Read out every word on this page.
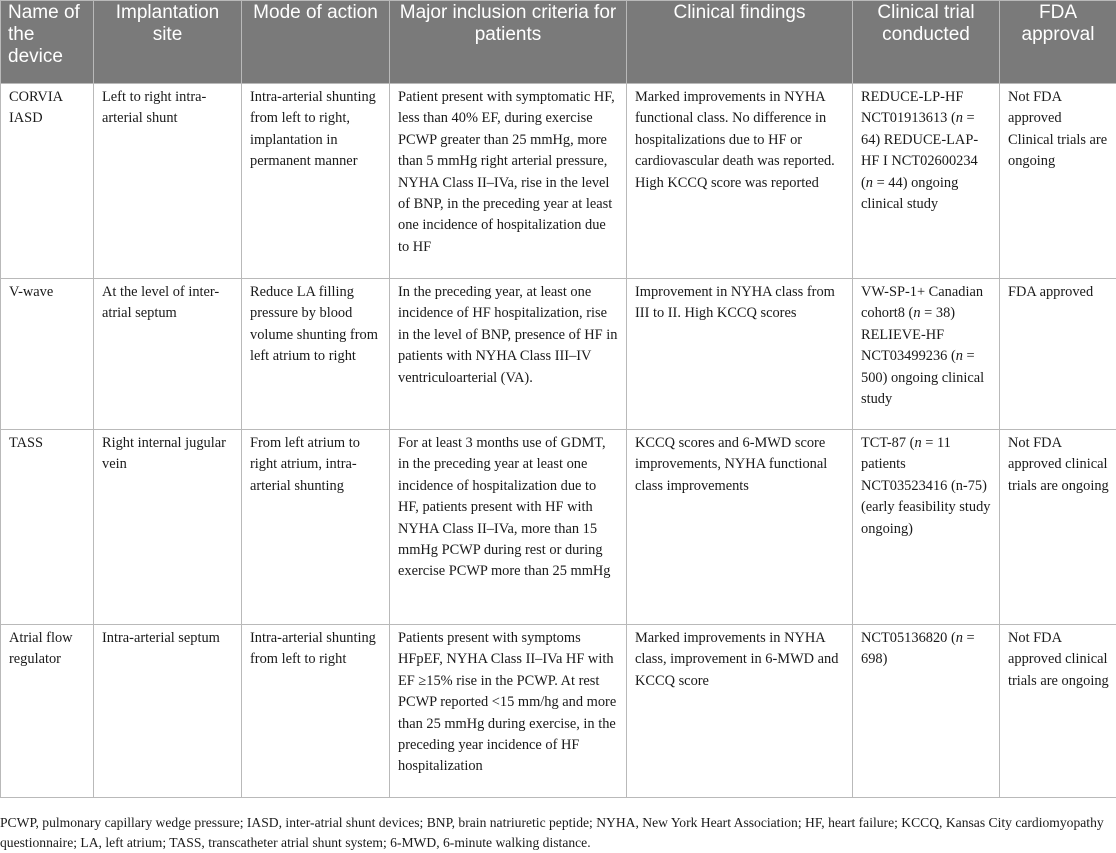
Name of the device	Implantation site	Mode of action	Major inclusion criteria for patients	Clinical findings	Clinical trial conducted	FDA approval
CORVIA IASD	Left to right intra-arterial shunt	Intra-arterial shunting from left to right, implantation in permanent manner	Patient present with symptomatic HF, less than 40% EF, during exercise PCWP greater than 25 mmHg, more than 5 mmHg right arterial pressure, NYHA Class II–IVa, rise in the level of BNP, in the preceding year at least one incidence of hospitalization due to HF	Marked improvements in NYHA functional class. No difference in hospitalizations due to HF or cardiovascular death was reported. High KCCQ score was reported	REDUCE-LP-HF NCT01913613 (n = 64) REDUCE-LAP-HF I NCT02600234 (n = 44) ongoing clinical study	Not FDA approved Clinical trials are ongoing
V-wave	At the level of inter-atrial septum	Reduce LA filling pressure by blood volume shunting from left atrium to right	In the preceding year, at least one incidence of HF hospitalization, rise in the level of BNP, presence of HF in patients with NYHA Class III–IV ventriculoarterial (VA).	Improvement in NYHA class from III to II. High KCCQ scores	VW-SP-1+ Canadian cohort8 (n = 38) RELIEVE-HF NCT03499236 (n = 500) ongoing clinical study	FDA approved
TASS	Right internal jugular vein	From left atrium to right atrium, intra-arterial shunting	For at least 3 months use of GDMT, in the preceding year at least one incidence of hospitalization due to HF, patients present with HF with NYHA Class II–IVa, more than 15 mmHg PCWP during rest or during exercise PCWP more than 25 mmHg	KCCQ scores and 6-MWD score improvements, NYHA functional class improvements	TCT-87 (n = 11 patients NCT03523416 (n-75) (early feasibility study ongoing)	Not FDA approved clinical trials are ongoing
Atrial flow regulator	Intra-arterial septum	Intra-arterial shunting from left to right	Patients present with symptoms HFpEF, NYHA Class II–IVa HF with EF ≥15% rise in the PCWP. At rest PCWP reported <15 mm/hg and more than 25 mmHg during exercise, in the preceding year incidence of HF hospitalization	Marked improvements in NYHA class, improvement in 6-MWD and KCCQ score	NCT05136820 (n = 698)	Not FDA approved clinical trials are ongoing
PCWP, pulmonary capillary wedge pressure; IASD, inter-atrial shunt devices; BNP, brain natriuretic peptide; NYHA, New York Heart Association; HF, heart failure; KCCQ, Kansas City cardiomyopathy questionnaire; LA, left atrium; TASS, transcatheter atrial shunt system; 6-MWD, 6-minute walking distance.
